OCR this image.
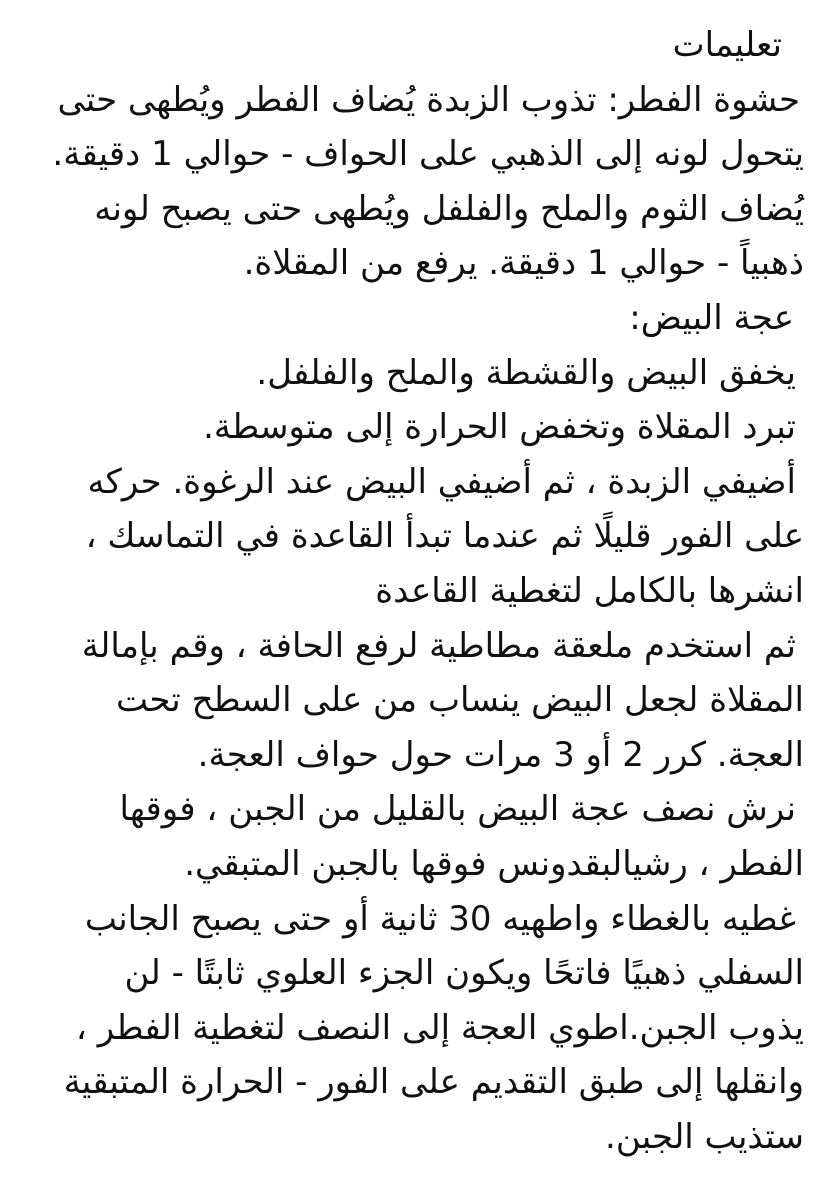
تعليمات
حشوة الفطر: تذوب الزبدة يُضاف الفطر ويُطهى حتى
يتحول لونه إلى الذهبي على الحواف - حوالي 1 دقيقة.
يُضاف الثوم والملح والفلفل ويُطهى حتى يصبح لونه
ذهبياً - حوالي 1 دقيقة. يرفع من المقلاة.
عجة البيض:
يخفق البيض والقشطة والملح والفلفل.
تبرد المقلاة وتخفض الحرارة إلى متوسطة.
أضيفي الزبدة ، ثم أضيفي البيض عند الرغوة. حركه
على الفور قليلًا ثم عندما تبدأ القاعدة في التماسك ،
انشرها بالكامل لتغطية القاعدة
ثم استخدم ملعقة مطاطية لرفع الحافة ، وقم بإمالة
المقلاة لجعل البيض ينساب من على السطح تحت
العجة. كرر 2 أو 3 مرات حول حواف العجة.
نرش نصف عجة البيض بالقليل من الجبن ، فوقها
الفطر ، رشيالبقدونس فوقها بالجبن المتبقي.
غطيه بالغطاء واطهيه 30 ثانية أو حتى يصبح الجانب
السفلي ذهبيًا فاتحًا ويكون الجزء العلوي ثابتًا - لن
يذوب الجبن.اطوي العجة إلى النصف لتغطية الفطر ،
وانقلها إلى طبق التقديم على الفور - الحرارة المتبقية
ستذيب الجبن.
